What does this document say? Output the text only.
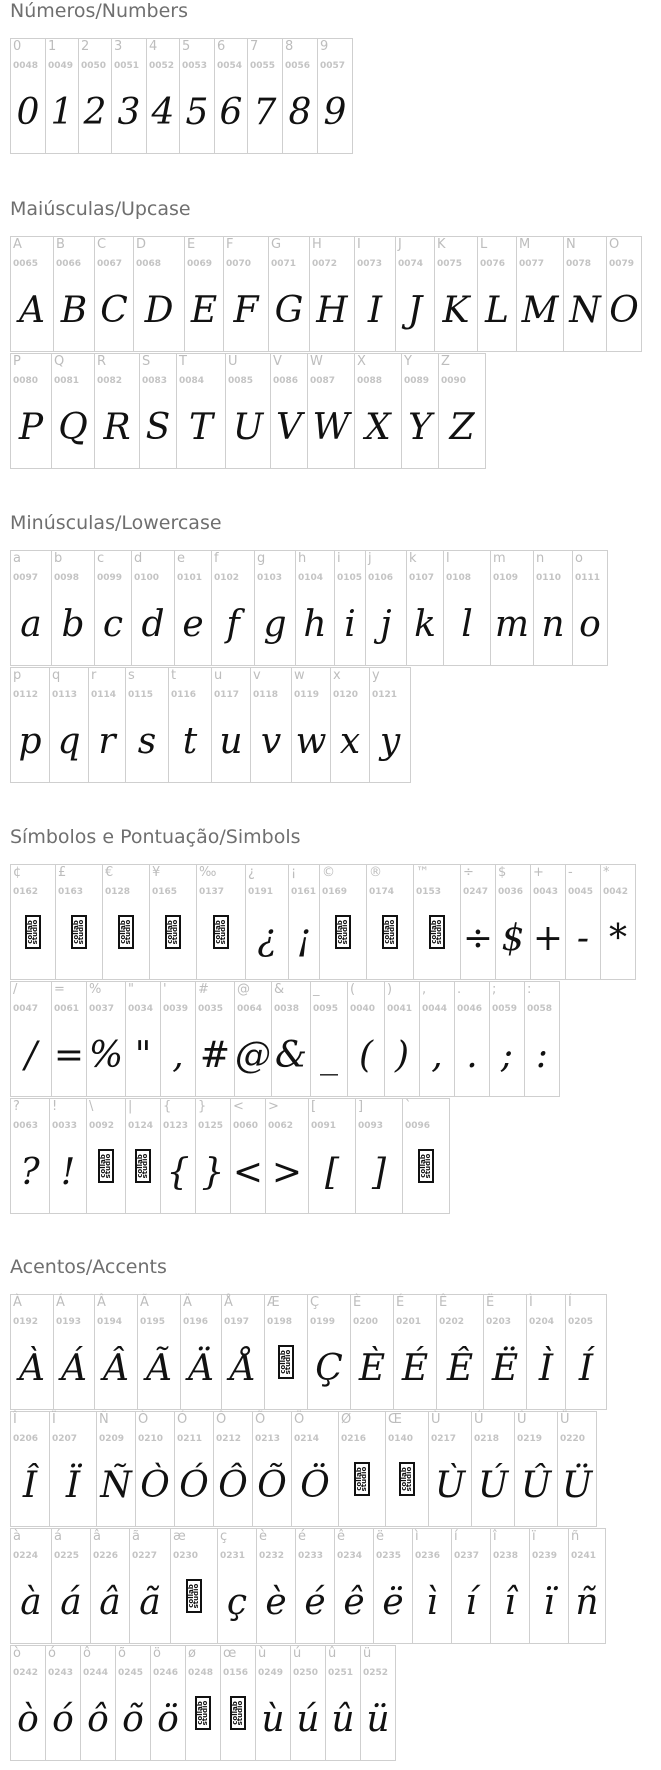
Números/Numbers
0
0048
0
1
0049
1
2
0050
2
3
0051
3
4
0052
4
5
0053
5
6
0054
6
7
0055
7
8
0056
8
9
0057
9
Maiúsculas/Upcase
A
0065
A
B
0066
B
C
0067
C
D
0068
D
E
0069
E
F
0070
F
G
0071
G
H
0072
H
I
0073
I
J
0074
J
K
0075
K
L
0076
L
M
0077
M
N
0078
N
O
0079
O
P
0080
P
Q
0081
Q
R
0082
R
S
0083
S
T
0084
T
U
0085
U
V
0086
V
W
0087
W
X
0088
X
Y
0089
Y
Z
0090
Z
Minúsculas/Lowercase
a
0097
a
b
0098
b
c
0099
c
d
0100
d
e
0101
e
f
0102
f
g
0103
g
h
0104
h
i
0105
i
j
0106
j
k
0107
k
l
0108
l
m
0109
m
n
0110
n
o
0111
o
p
0112
p
q
0113
q
r
0114
r
s
0115
s
t
0116
t
u
0117
u
v
0118
v
w
0119
w
x
0120
x
y
0121
y
Símbolos e Pontuação/Simbols
¢
0162
collab studio
£
0163
collab studio
€
0128
collab studio
¥
0165
collab studio
‰
0137
collab studio
¿
0191
¿
¡
0161
¡
©
0169
collab studio
®
0174
collab studio
™
0153
collab studio
÷
0247
÷
$
0036
$
+
0043
+
-
0045
-
*
0042
*
/
0047
/
=
0061
=
%
0037
%
"
0034
"
'
0039
,
#
0035
#
@
0064
@
&
0038
&
_
0095
_
(
0040
(
)
0041
)
,
0044
,
.
0046
.
;
0059
;
:
0058
:
?
0063
?
!
0033
!
\
0092
collab studio
|
0124
collab studio
{
0123
{
}
0125
}
<
0060
<
>
0062
>
[
0091
[
]
0093
]
`
0096
collab studio
Acentos/Accents
À
0192
À
Á
0193
Á
Â
0194
Â
Ã
0195
Ã
Ä
0196
Ä
Å
0197
Å
Æ
0198
collab studio
Ç
0199
Ç
È
0200
È
É
0201
É
Ê
0202
Ê
Ë
0203
Ë
Ì
0204
Ì
Í
0205
Í
Î
0206
Î
Ï
0207
Ï
Ñ
0209
Ñ
Ò
0210
Ò
Ó
0211
Ó
Ô
0212
Ô
Õ
0213
Õ
Ö
0214
Ö
Ø
0216
collab studio
Œ
0140
collab studio
Ù
0217
Ù
Ú
0218
Ú
Û
0219
Û
Ü
0220
Ü
à
0224
à
á
0225
á
â
0226
â
ã
0227
ã
æ
0230
collab studio
ç
0231
ç
è
0232
è
é
0233
é
ê
0234
ê
ë
0235
ë
ì
0236
ì
í
0237
í
î
0238
î
ï
0239
ï
ñ
0241
ñ
ò
0242
ò
ó
0243
ó
ô
0244
ô
õ
0245
õ
ö
0246
ö
ø
0248
collab studio
œ
0156
collab studio
ù
0249
ù
ú
0250
ú
û
0251
û
ü
0252
ü
